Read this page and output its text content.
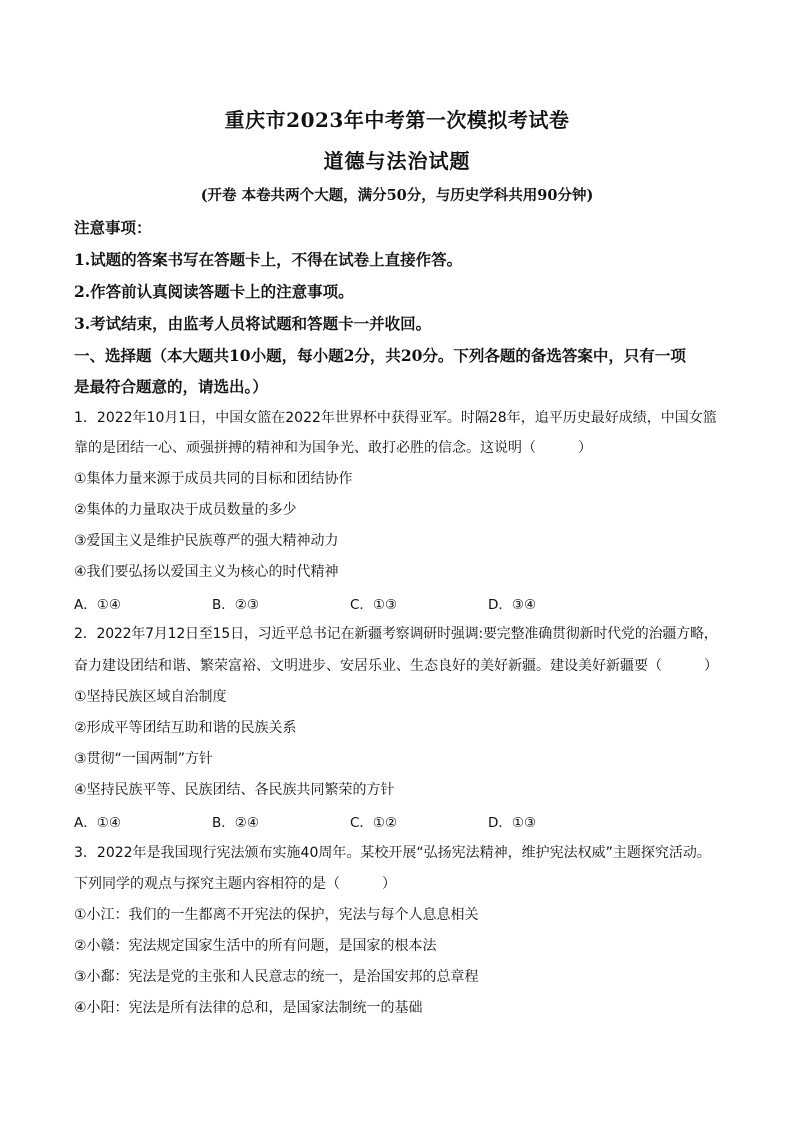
重庆市2023年中考第一次模拟考试卷
道德与法治试题
(开卷 本卷共两个大题，满分50分，与历史学科共用90分钟)
注意事项：
1.试题的答案书写在答题卡上，不得在试卷上直接作答。
2.作答前认真阅读答题卡上的注意事项。
3.考试结束，由监考人员将试题和答题卡一并收回。
一、选择题（本大题共10小题，每小题2分，共20分。下列各题的备选答案中，只有一项
是最符合题意的，请选出。）
1．2022年10月1日，中国女篮在2022年世界杯中获得亚军。时隔28年，追平历史最好成绩，中国女篮
靠的是团结一心、顽强拼搏的精神和为国争光、敢打必胜的信念。这说明（　　　）
①集体力量来源于成员共同的目标和团结协作
②集体的力量取决于成员数量的多少
③爱国主义是维护民族尊严的强大精神动力
④我们要弘扬以爱国主义为核心的时代精神
A．①④	B．②③	C．①③	D．③④
2．2022年7月12日至15日，习近平总书记在新疆考察调研时强调:要完整准确贯彻新时代党的治疆方略，
奋力建设团结和谐、繁荣富裕、文明进步、安居乐业、生态良好的美好新疆。建设美好新疆要（　　　）
①坚持民族区域自治制度
②形成平等团结互助和谐的民族关系
③贯彻“一国两制”方针
④坚持民族平等、民族团结、各民族共同繁荣的方针
A．①④	B．②④	C．①②	D．①③
3．2022年是我国现行宪法颁布实施40周年。某校开展“弘扬宪法精神，维护宪法权威”主题探究活动。
下列同学的观点与探究主题内容相符的是（　　　）
①小江：我们的一生都离不开宪法的保护，宪法与每个人息息相关
②小赣：宪法规定国家生活中的所有问题，是国家的根本法
③小鄱：宪法是党的主张和人民意志的统一，是治国安邦的总章程
④小阳：宪法是所有法律的总和，是国家法制统一的基础
